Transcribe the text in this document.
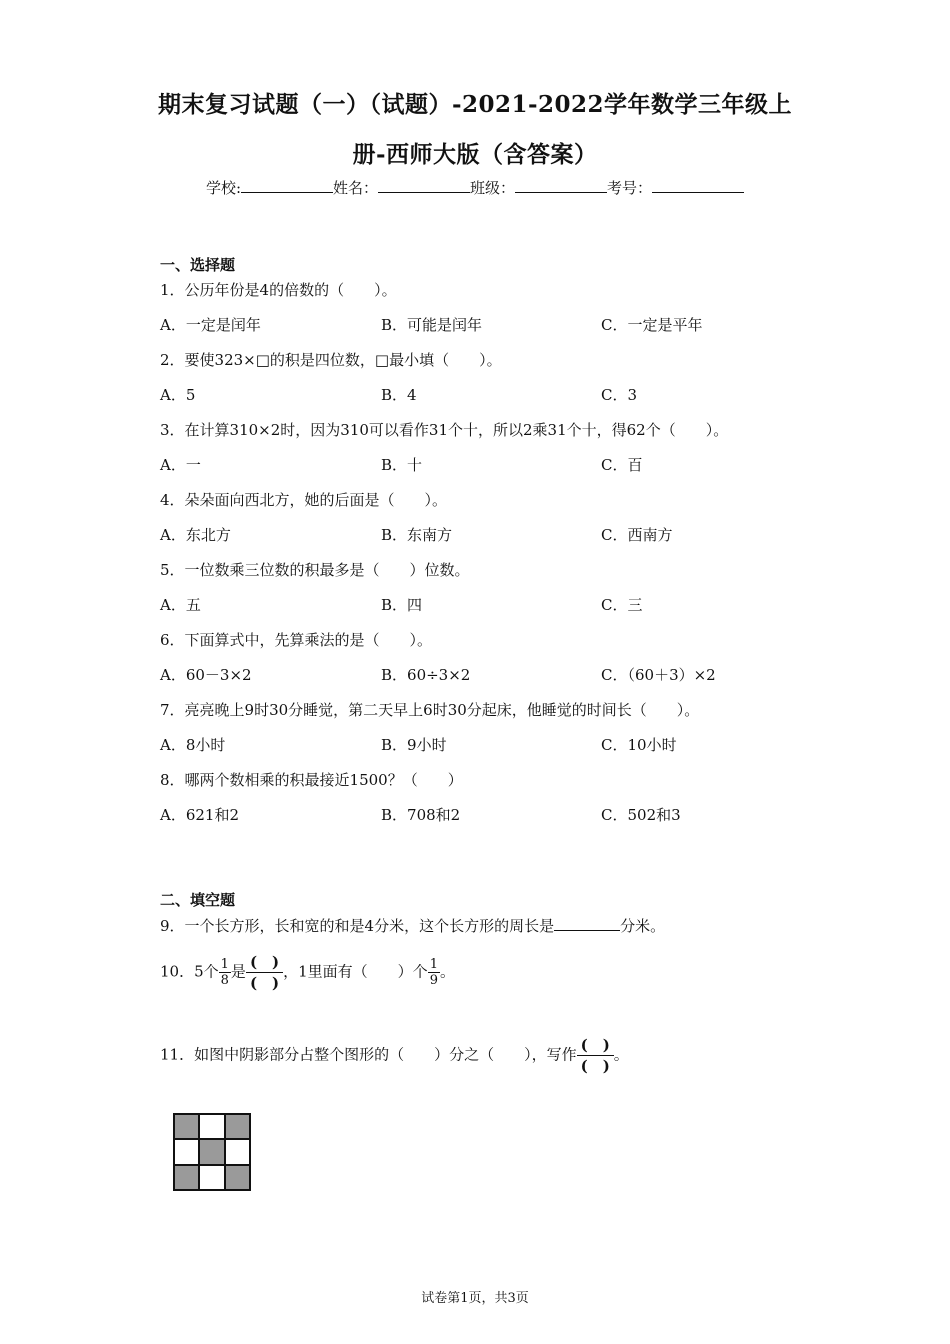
期末复习试题（一）（试题）-2021-2022学年数学三年级上
册-西师大版（含答案）
学校:	姓名：	班级：	考号：
一、选择题
1．公历年份是4的倍数的（　　）。
A．一定是闰年	B．可能是闰年	C．一定是平年
2．要使323×□的积是四位数，□最小填（　　）。
A．5	B．4	C．3
3．在计算310×2时，因为310可以看作31个十，所以2乘31个十，得62个（　　）。
A．一	B．十	C．百
4．朵朵面向西北方，她的后面是（　　）。
A．东北方	B．东南方	C．西南方
5．一位数乘三位数的积最多是（　　）位数。
A．五	B．四	C．三
6．下面算式中，先算乘法的是（　　）。
A．60－3×2	B．60÷3×2	C．（60＋3）×2
7．亮亮晚上9时30分睡觉，第二天早上6时30分起床，他睡觉的时间长（　　）。
A．8小时	B．9小时	C．10小时
8．哪两个数相乘的积最接近1500？（　　）
A．621和2	B．708和2	C．502和3
二、填空题
9．一个长方形，长和宽的和是4分米，这个长方形的周长是	分米。
10．5个 $\frac{1}{8}$ 是 $\frac{( )}{( )}$ ，1里面有（　　）个 $\frac{1}{9}$ 。
11．如图中阴影部分占整个图形的（　　）分之（　　），写作 $\frac{( )}{( )}$ 。
试卷第1页，共3页
